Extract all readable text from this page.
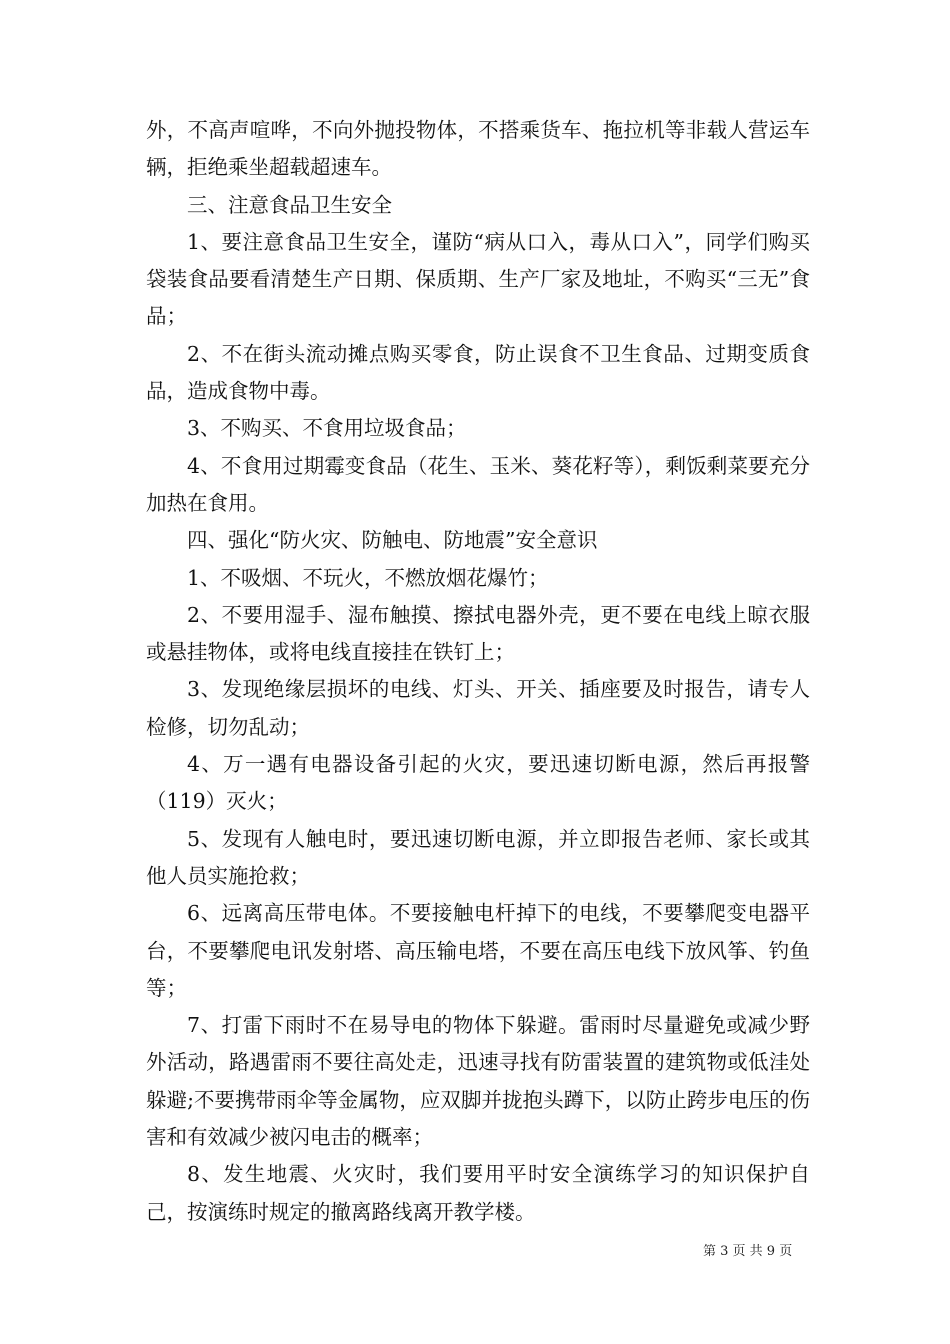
外，不高声喧哗，不向外抛投物体，不搭乘货车、拖拉机等非载人营运车辆，拒绝乘坐超载超速车。

三、注意食品卫生安全

1、要注意食品卫生安全，谨防“病从口入，毒从口入”，同学们购买袋装食品要看清楚生产日期、保质期、生产厂家及地址，不购买“三无”食品；

2、不在街头流动摊点购买零食，防止误食不卫生食品、过期变质食品，造成食物中毒。

3、不购买、不食用垃圾食品；

4、不食用过期霉变食品（花生、玉米、葵花籽等），剩饭剩菜要充分加热在食用。

四、强化“防火灾、防触电、防地震”安全意识

1、不吸烟、不玩火，不燃放烟花爆竹；

2、不要用湿手、湿布触摸、擦拭电器外壳，更不要在电线上晾衣服或悬挂物体，或将电线直接挂在铁钉上；

3、发现绝缘层损坏的电线、灯头、开关、插座要及时报告，请专人检修，切勿乱动；

4、万一遇有电器设备引起的火灾，要迅速切断电源，然后再报警（119）灭火；

5、发现有人触电时，要迅速切断电源，并立即报告老师、家长或其他人员实施抢救；

6、远离高压带电体。不要接触电杆掉下的电线，不要攀爬变电器平台，不要攀爬电讯发射塔、高压输电塔，不要在高压电线下放风筝、钓鱼等；

7、打雷下雨时不在易导电的物体下躲避。雷雨时尽量避免或减少野外活动，路遇雷雨不要往高处走，迅速寻找有防雷装置的建筑物或低洼处躲避;不要携带雨伞等金属物，应双脚并拢抱头蹲下，以防止跨步电压的伤害和有效减少被闪电击的概率；

8、发生地震、火灾时，我们要用平时安全演练学习的知识保护自己，按演练时规定的撤离路线离开教学楼。

第 3 页 共 9 页
